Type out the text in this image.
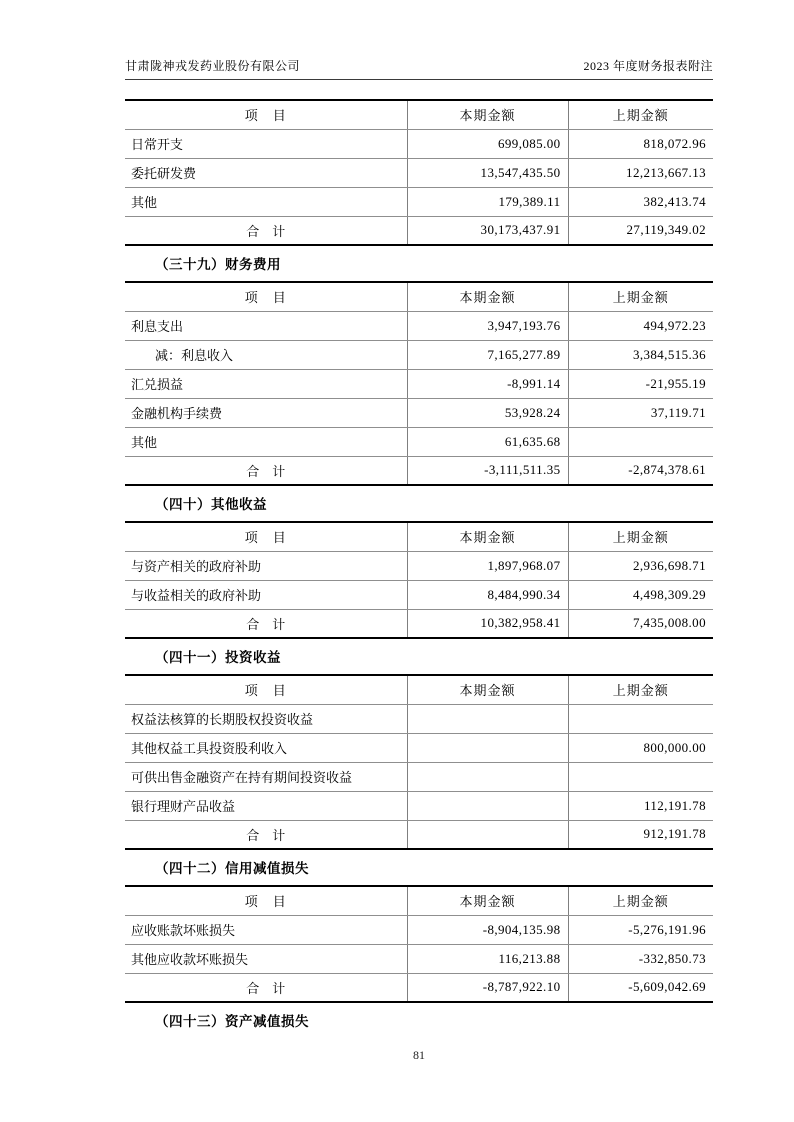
甘肃陇神戎发药业股份有限公司	2023 年度财务报表附注
项　目	本期金额	上期金额
日常开支	699,085.00	818,072.96
委托研发费	13,547,435.50	12,213,667.13
其他	179,389.11	382,413.74
合　计	30,173,437.91	27,119,349.02
（三十九）财务费用
项　目	本期金额	上期金额
利息支出	3,947,193.76	494,972.23
减：利息收入	7,165,277.89	3,384,515.36
汇兑损益	-8,991.14	-21,955.19
金融机构手续费	53,928.24	37,119.71
其他	61,635.68	
合　计	-3,111,511.35	-2,874,378.61
（四十）其他收益
项　目	本期金额	上期金额
与资产相关的政府补助	1,897,968.07	2,936,698.71
与收益相关的政府补助	8,484,990.34	4,498,309.29
合　计	10,382,958.41	7,435,008.00
（四十一）投资收益
项　目	本期金额	上期金额
权益法核算的长期股权投资收益		
其他权益工具投资股利收入		800,000.00
可供出售金融资产在持有期间投资收益		
银行理财产品收益		112,191.78
合　计		912,191.78
（四十二）信用减值损失
项　目	本期金额	上期金额
应收账款坏账损失	-8,904,135.98	-5,276,191.96
其他应收款坏账损失	116,213.88	-332,850.73
合　计	-8,787,922.10	-5,609,042.69
（四十三）资产减值损失
81
